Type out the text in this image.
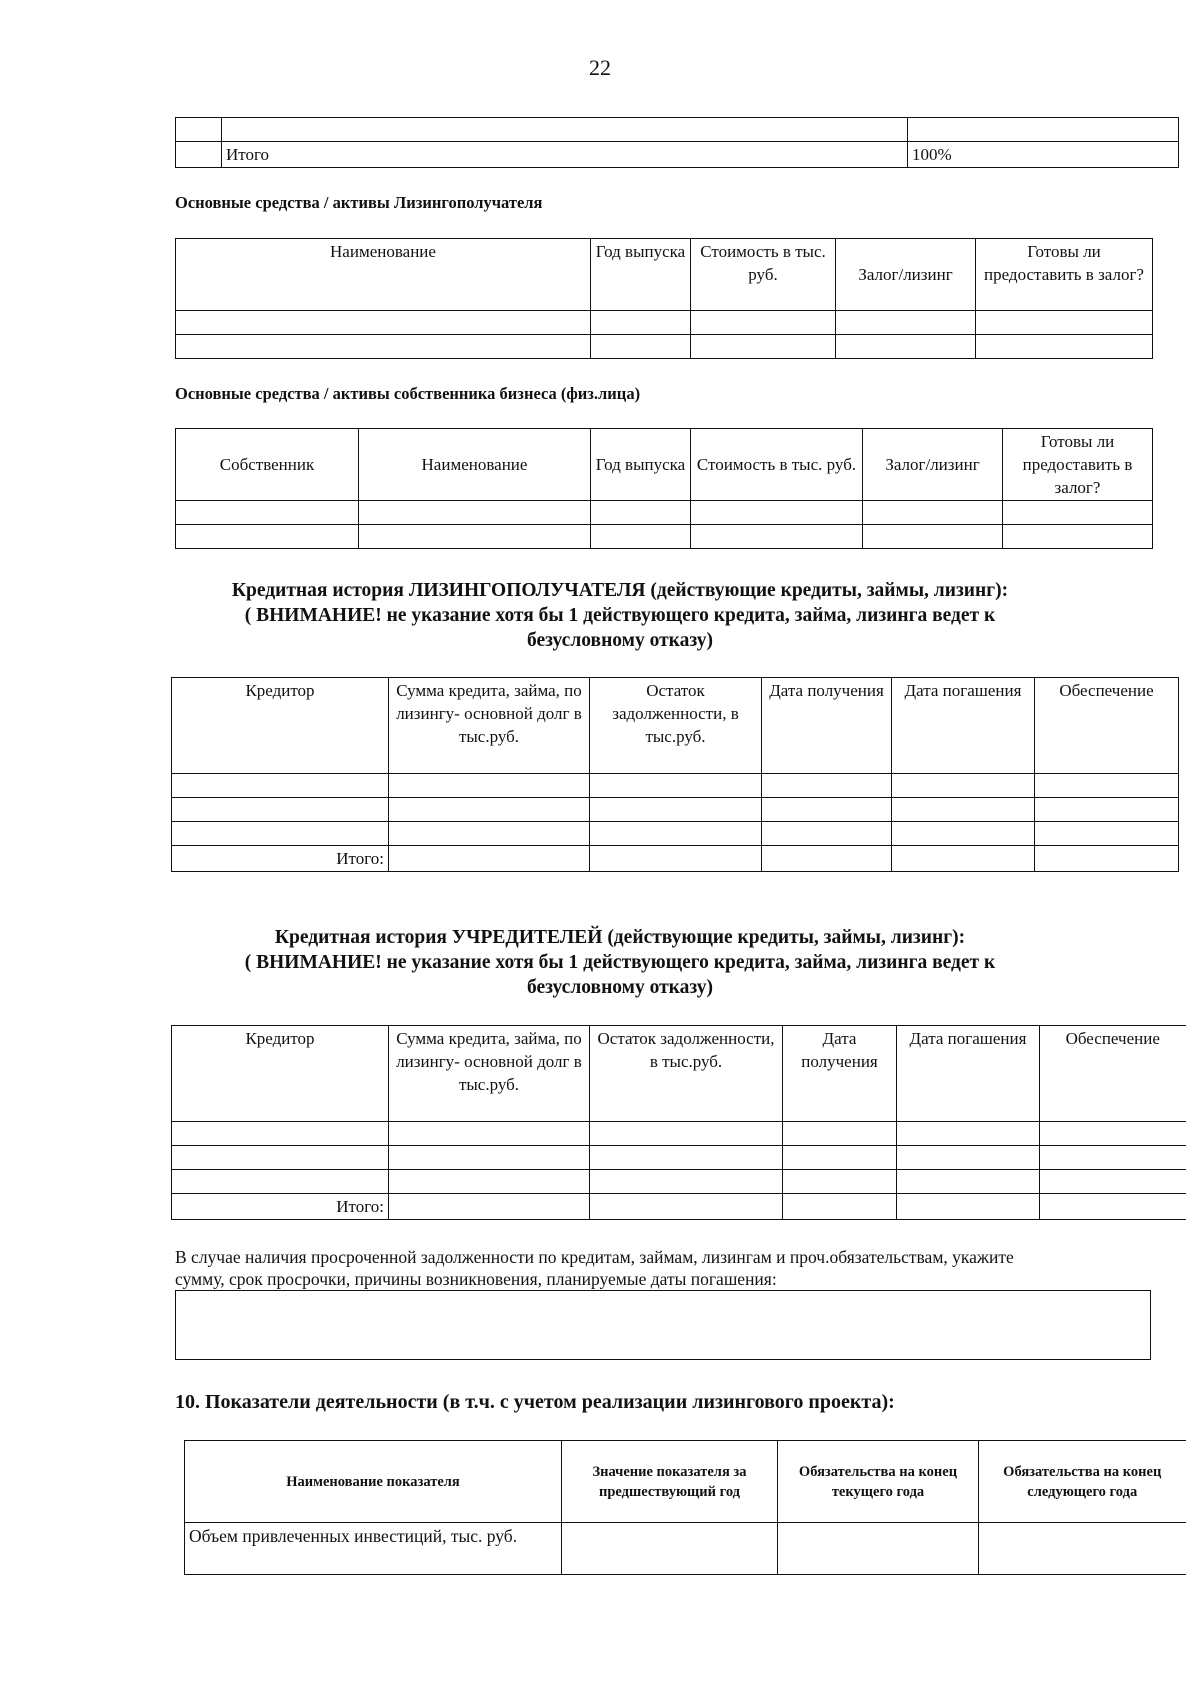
22

	Итого	100%
Основные средства / активы Лизингополучателя
Наименование	Год выпуска	Стоимость в тыс. руб.	Залог/лизинг	Готовы ли предоставить в залог?

Основные средства / активы собственника бизнеса (физ.лица)
Собственник	Наименование	Год выпуска	Стоимость в тыс. руб.	Залог/лизинг	Готовы ли предоставить в залог?

Кредитная история ЛИЗИНГОПОЛУЧАТЕЛЯ (действующие кредиты, займы, лизинг):
( ВНИМАНИЕ! не указание хотя бы 1 действующего кредита, займа, лизинга ведет к
безусловному отказу)
Кредитор	Сумма кредита, займа, по лизингу- основной долг в тыс.руб.	Остаток задолженности, в тыс.руб.	Дата получения	Дата погашения	Обеспечение

Итого:					
Кредитная история УЧРЕДИТЕЛЕЙ (действующие кредиты, займы, лизинг):
( ВНИМАНИЕ! не указание хотя бы 1 действующего кредита, займа, лизинга ведет к
безусловному отказу)
Кредитор	Сумма кредита, займа, по лизингу- основной долг в тыс.руб.	Остаток задолженности, в тыс.руб.	Дата получения	Дата погашения	Обеспечение

Итого:					
В случае наличия просроченной задолженности по кредитам, займам, лизингам и проч.обязательствам, укажите
сумму, срок просрочки, причины возникновения, планируемые даты погашения:
10. Показатели деятельности (в т.ч. с учетом реализации лизингового проекта):
Наименование показателя	Значение показателя за предшествующий год	Обязательства на конец текущего года	Обязательства на конец следующего года
Объем привлеченных инвестиций, тыс. руб.			
